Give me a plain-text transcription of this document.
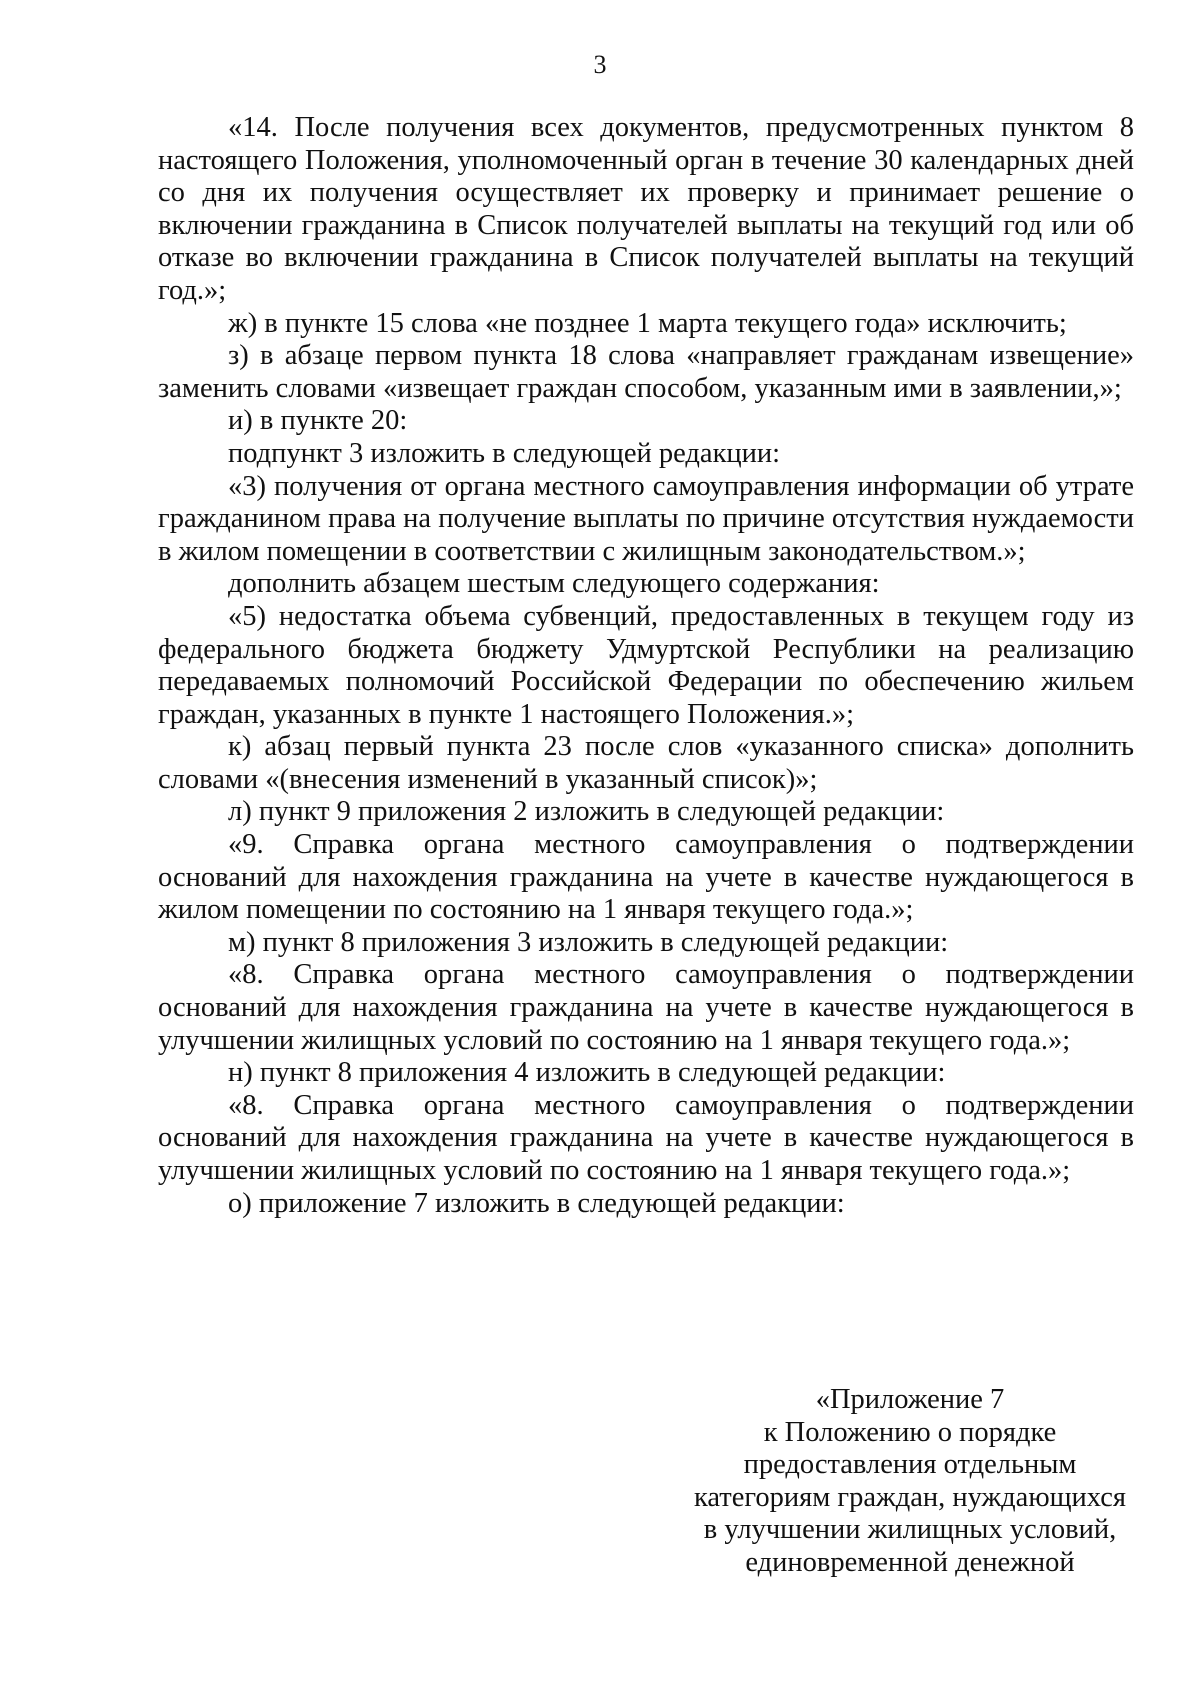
3

«14. После получения всех документов, предусмотренных пунктом 8 настоящего Положения, уполномоченный орган в течение 30 календарных дней со дня их получения осуществляет их проверку и принимает решение о включении гражданина в Список получателей выплаты на текущий год или об отказе во включении гражданина в Список получателей выплаты на текущий год.»;

ж) в пункте 15 слова «не позднее 1 марта текущего года» исключить;

з) в абзаце первом пункта 18 слова «направляет гражданам извещение» заменить словами «извещает граждан способом, указанным ими в заявлении,»;

и) в пункте 20:

подпункт 3 изложить в следующей редакции:

«3) получения от органа местного самоуправления информации об утрате гражданином права на получение выплаты по причине отсутствия нуждаемости в жилом помещении в соответствии с жилищным законодательством.»;

дополнить абзацем шестым следующего содержания:

«5) недостатка объема субвенций, предоставленных в текущем году из федерального бюджета бюджету Удмуртской Республики на реализацию передаваемых полномочий Российской Федерации по обеспечению жильем граждан, указанных в пункте 1 настоящего Положения.»;

к) абзац первый пункта 23 после слов «указанного списка» дополнить словами «(внесения изменений в указанный список)»;

л) пункт 9 приложения 2 изложить в следующей редакции:

«9. Справка органа местного самоуправления о подтверждении оснований для нахождения гражданина на учете в качестве нуждающегося в жилом помещении по состоянию на 1 января текущего года.»;

м) пункт 8 приложения 3 изложить в следующей редакции:

«8. Справка органа местного самоуправления о подтверждении оснований для нахождения гражданина на учете в качестве нуждающегося в улучшении жилищных условий по состоянию на 1 января текущего года.»;

н) пункт 8 приложения 4 изложить в следующей редакции:

«8. Справка органа местного самоуправления о подтверждении оснований для нахождения гражданина на учете в качестве нуждающегося в улучшении жилищных условий по состоянию на 1 января текущего года.»;

о) приложение 7 изложить в следующей редакции:

«Приложение 7
к Положению о порядке
предоставления отдельным
категориям граждан, нуждающихся
в улучшении жилищных условий,
единовременной денежной
